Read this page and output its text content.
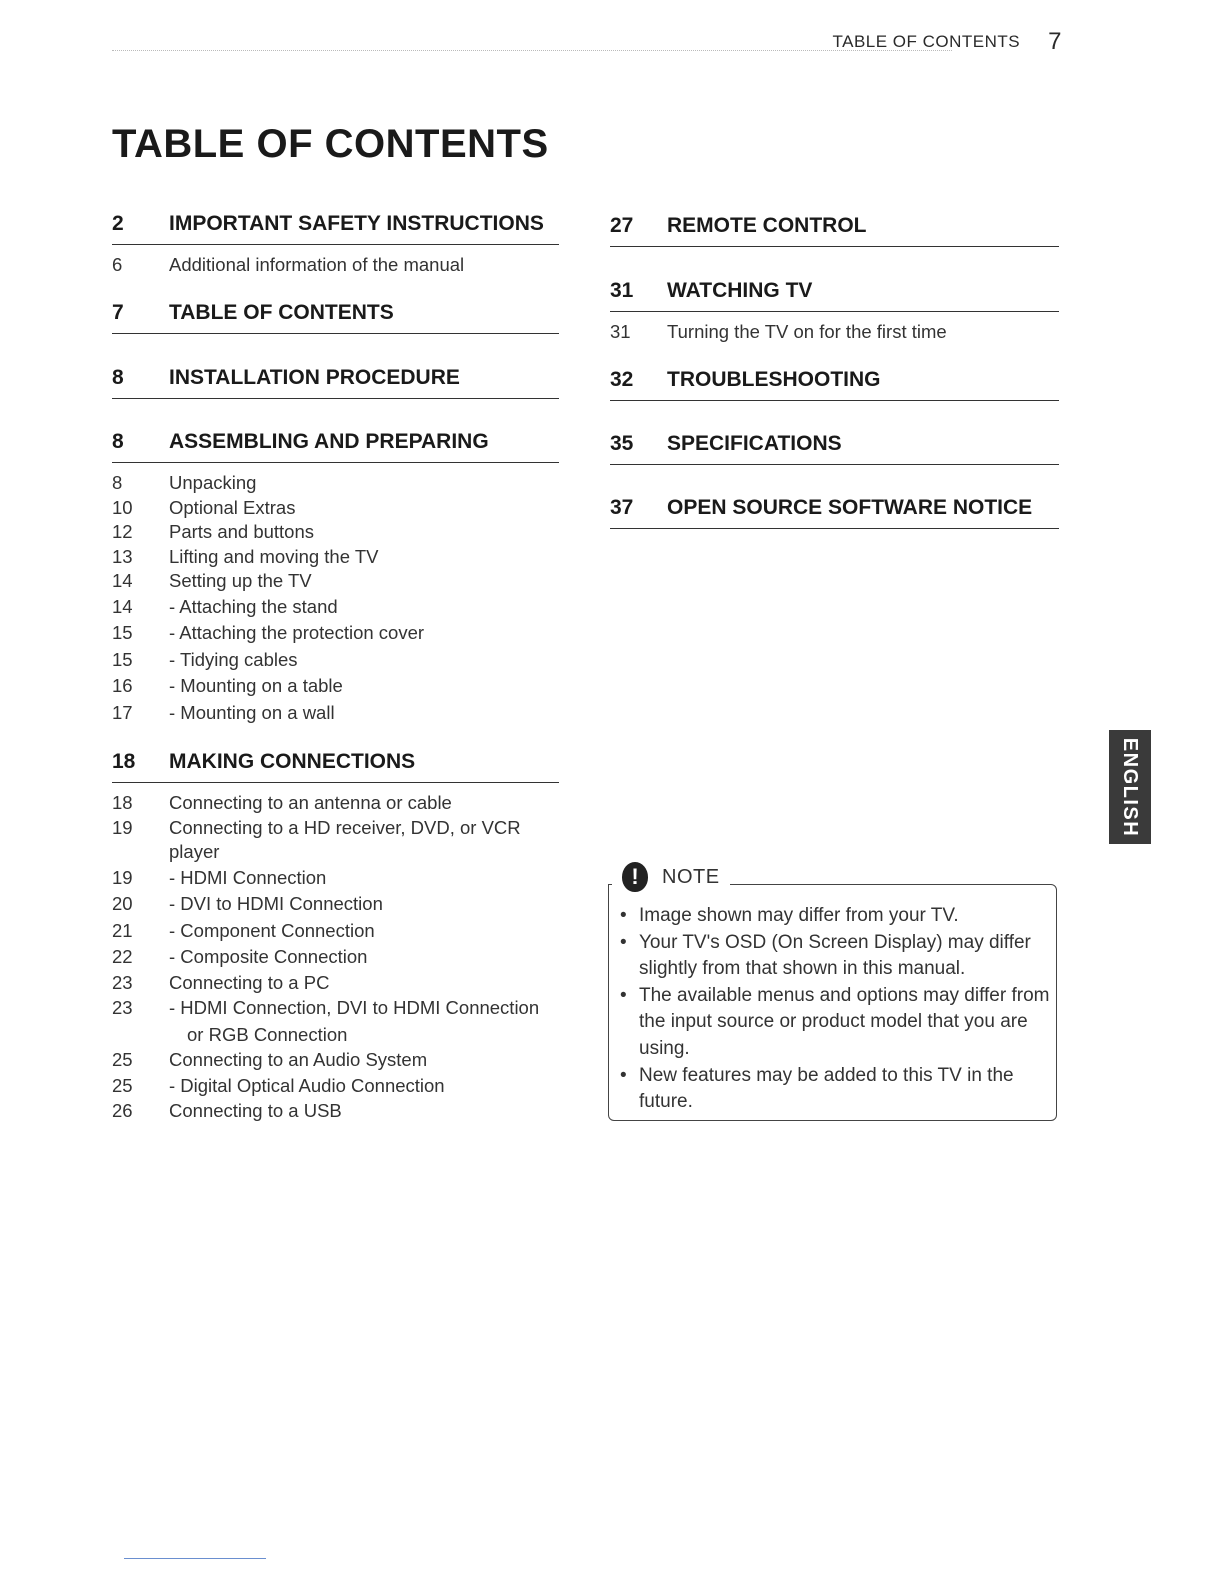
TABLE OF CONTENTS 7
TABLE OF CONTENTS
2	IMPORTANT SAFETY INSTRUCTIONS
6	Additional information of the manual
7	TABLE OF CONTENTS
8	INSTALLATION PROCEDURE
8	ASSEMBLING AND PREPARING
8	Unpacking
10	Optional Extras
12	Parts and buttons
13	Lifting and moving the TV
14	Setting up the TV
14	- Attaching the stand
15	- Attaching the protection cover
15	- Tidying cables
16	- Mounting on a table
17	- Mounting on a wall
18	MAKING CONNECTIONS
18	Connecting to an antenna or cable
19	Connecting to a HD receiver, DVD, or VCR player
19	- HDMI Connection
20	- DVI to HDMI Connection
21	- Component Connection
22	- Composite Connection
23	Connecting to a PC
23	- HDMI Connection, DVI to HDMI Connection or RGB Connection
25	Connecting to an Audio System
25	- Digital Optical Audio Connection
26	Connecting to a USB
27	REMOTE CONTROL
31	WATCHING TV
31	Turning the TV on for the first time
32	TROUBLESHOOTING
35	SPECIFICATIONS
37	OPEN SOURCE SOFTWARE NOTICE
!	NOTE
• Image shown may differ from your TV.
• Your TV's OSD (On Screen Display) may differ slightly from that shown in this manual.
• The available menus and options may differ from the input source or product model that you are using.
• New features may be added to this TV in the future.
ENGLISH
